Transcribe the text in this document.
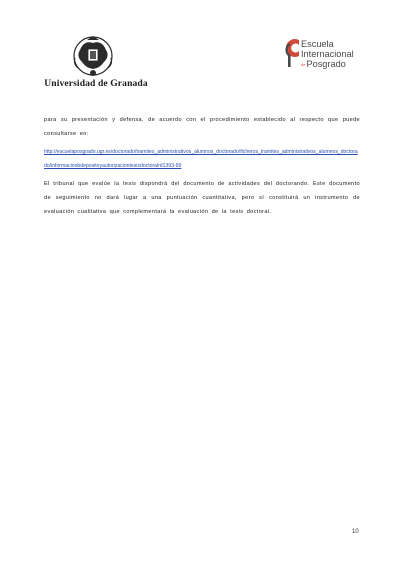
Universidad de Granada
Escuela
Internacional
dePosgrado

para su presentación y defensa, de acuerdo con el procedimiento establecido al respecto que puede consultarse en:

http://escuelaposgrado.ugr.es/doctorado/tramites_administrativos_alumnos_doctorado/ficheros_tramites_administrativos_alumnos_doctorado/informacionbdepositoyautorizaciontesisdoctoralrd1393-99

El tribunal que evalúe la tesis dispondrá del documento de actividades del doctorando. Este documento de seguimiento no dará lugar a una puntuación cuantitativa, pero sí constituirá un instrumento de evaluación cualitativa que complementará la evaluación de la tesis doctoral.

10
